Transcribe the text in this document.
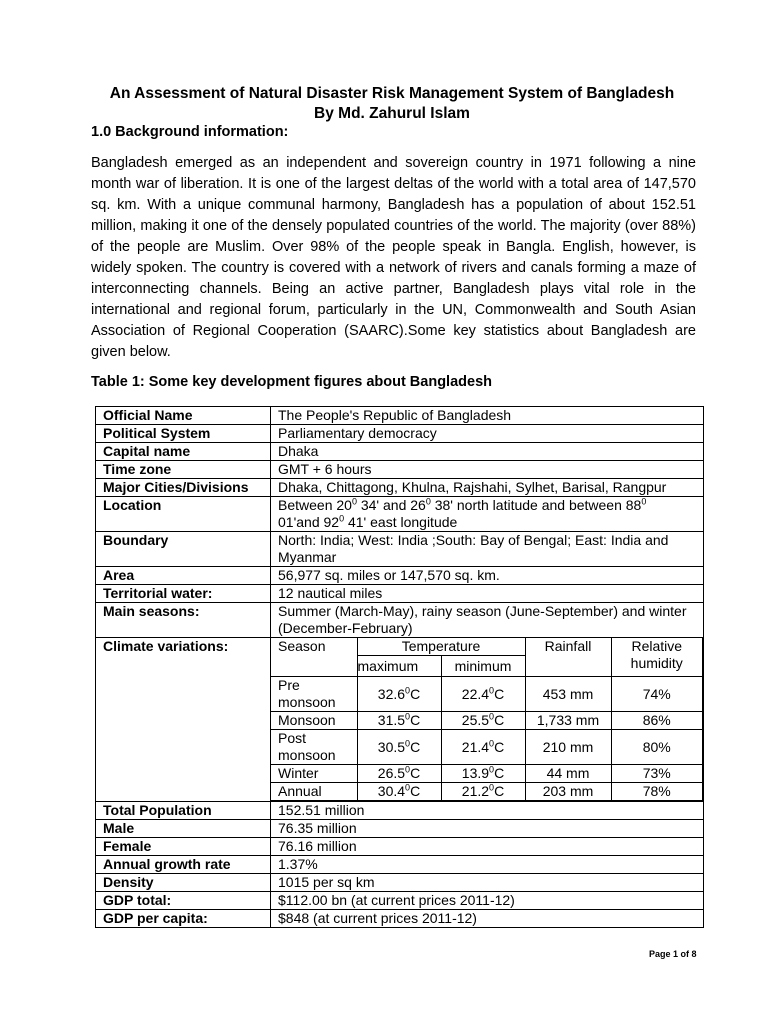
An Assessment of Natural Disaster Risk Management System of Bangladesh
By Md. Zahurul Islam
1.0 Background information:
Bangladesh emerged as an independent and sovereign country in 1971 following a nine month war of liberation. It is one of the largest deltas of the world with a total area of 147,570 sq. km. With a unique communal harmony, Bangladesh has a population of about 152.51 million, making it one of the densely populated countries of the world. The majority (over 88%) of the people are Muslim. Over 98% of the people speak in Bangla. English, however, is widely spoken. The country is covered with a network of rivers and canals forming a maze of interconnecting channels. Being an active partner, Bangladesh plays vital role in the international and regional forum, particularly in the UN, Commonwealth and South Asian Association of Regional Cooperation (SAARC).Some key statistics about Bangladesh are given below.
Table 1: Some key development figures about Bangladesh
Official Name	The People's Republic of Bangladesh
Political System	Parliamentary democracy
Capital name	Dhaka
Time zone	GMT + 6 hours
Major Cities/Divisions	Dhaka, Chittagong, Khulna, Rajshahi, Sylhet, Barisal, Rangpur
Location	Between $20^0$ 34' and $26^0$ 38' north latitude and between $88^0$
01'and $92^0$ 41' east longitude
Boundary	North: India; West: India ;South: Bay of Bengal; East: India and Myanmar
Area	56,977 sq. miles or 147,570 sq. km.
Territorial water:	12 nautical miles
Main seasons:	Summer (March-May), rainy season (June-September) and winter (December-February)
Climate variations:		Season	Temperature	Rainfall	Relative humidity
maximum	minimum
Pre monsoon	32.6$^0$C	22.4$^0$C	453 mm	74%
Monsoon	31.5$^0$C	25.5$^0$C	1,733 mm	86%
Post monsoon	30.5$^0$C	21.4$^0$C	210 mm	80%
Winter	26.5$^0$C	13.9$^0$C	44 mm	73%
Annual	30.4$^0$C	21.2$^0$C	203 mm	78%

Total Population	152.51 million
Male	76.35 million
Female	76.16 million
Annual growth rate	1.37%
Density	1015 per sq km
GDP total:	$112.00 bn (at current prices 2011-12)
GDP per capita:	$848 (at current prices 2011-12)
Page 1 of 8
